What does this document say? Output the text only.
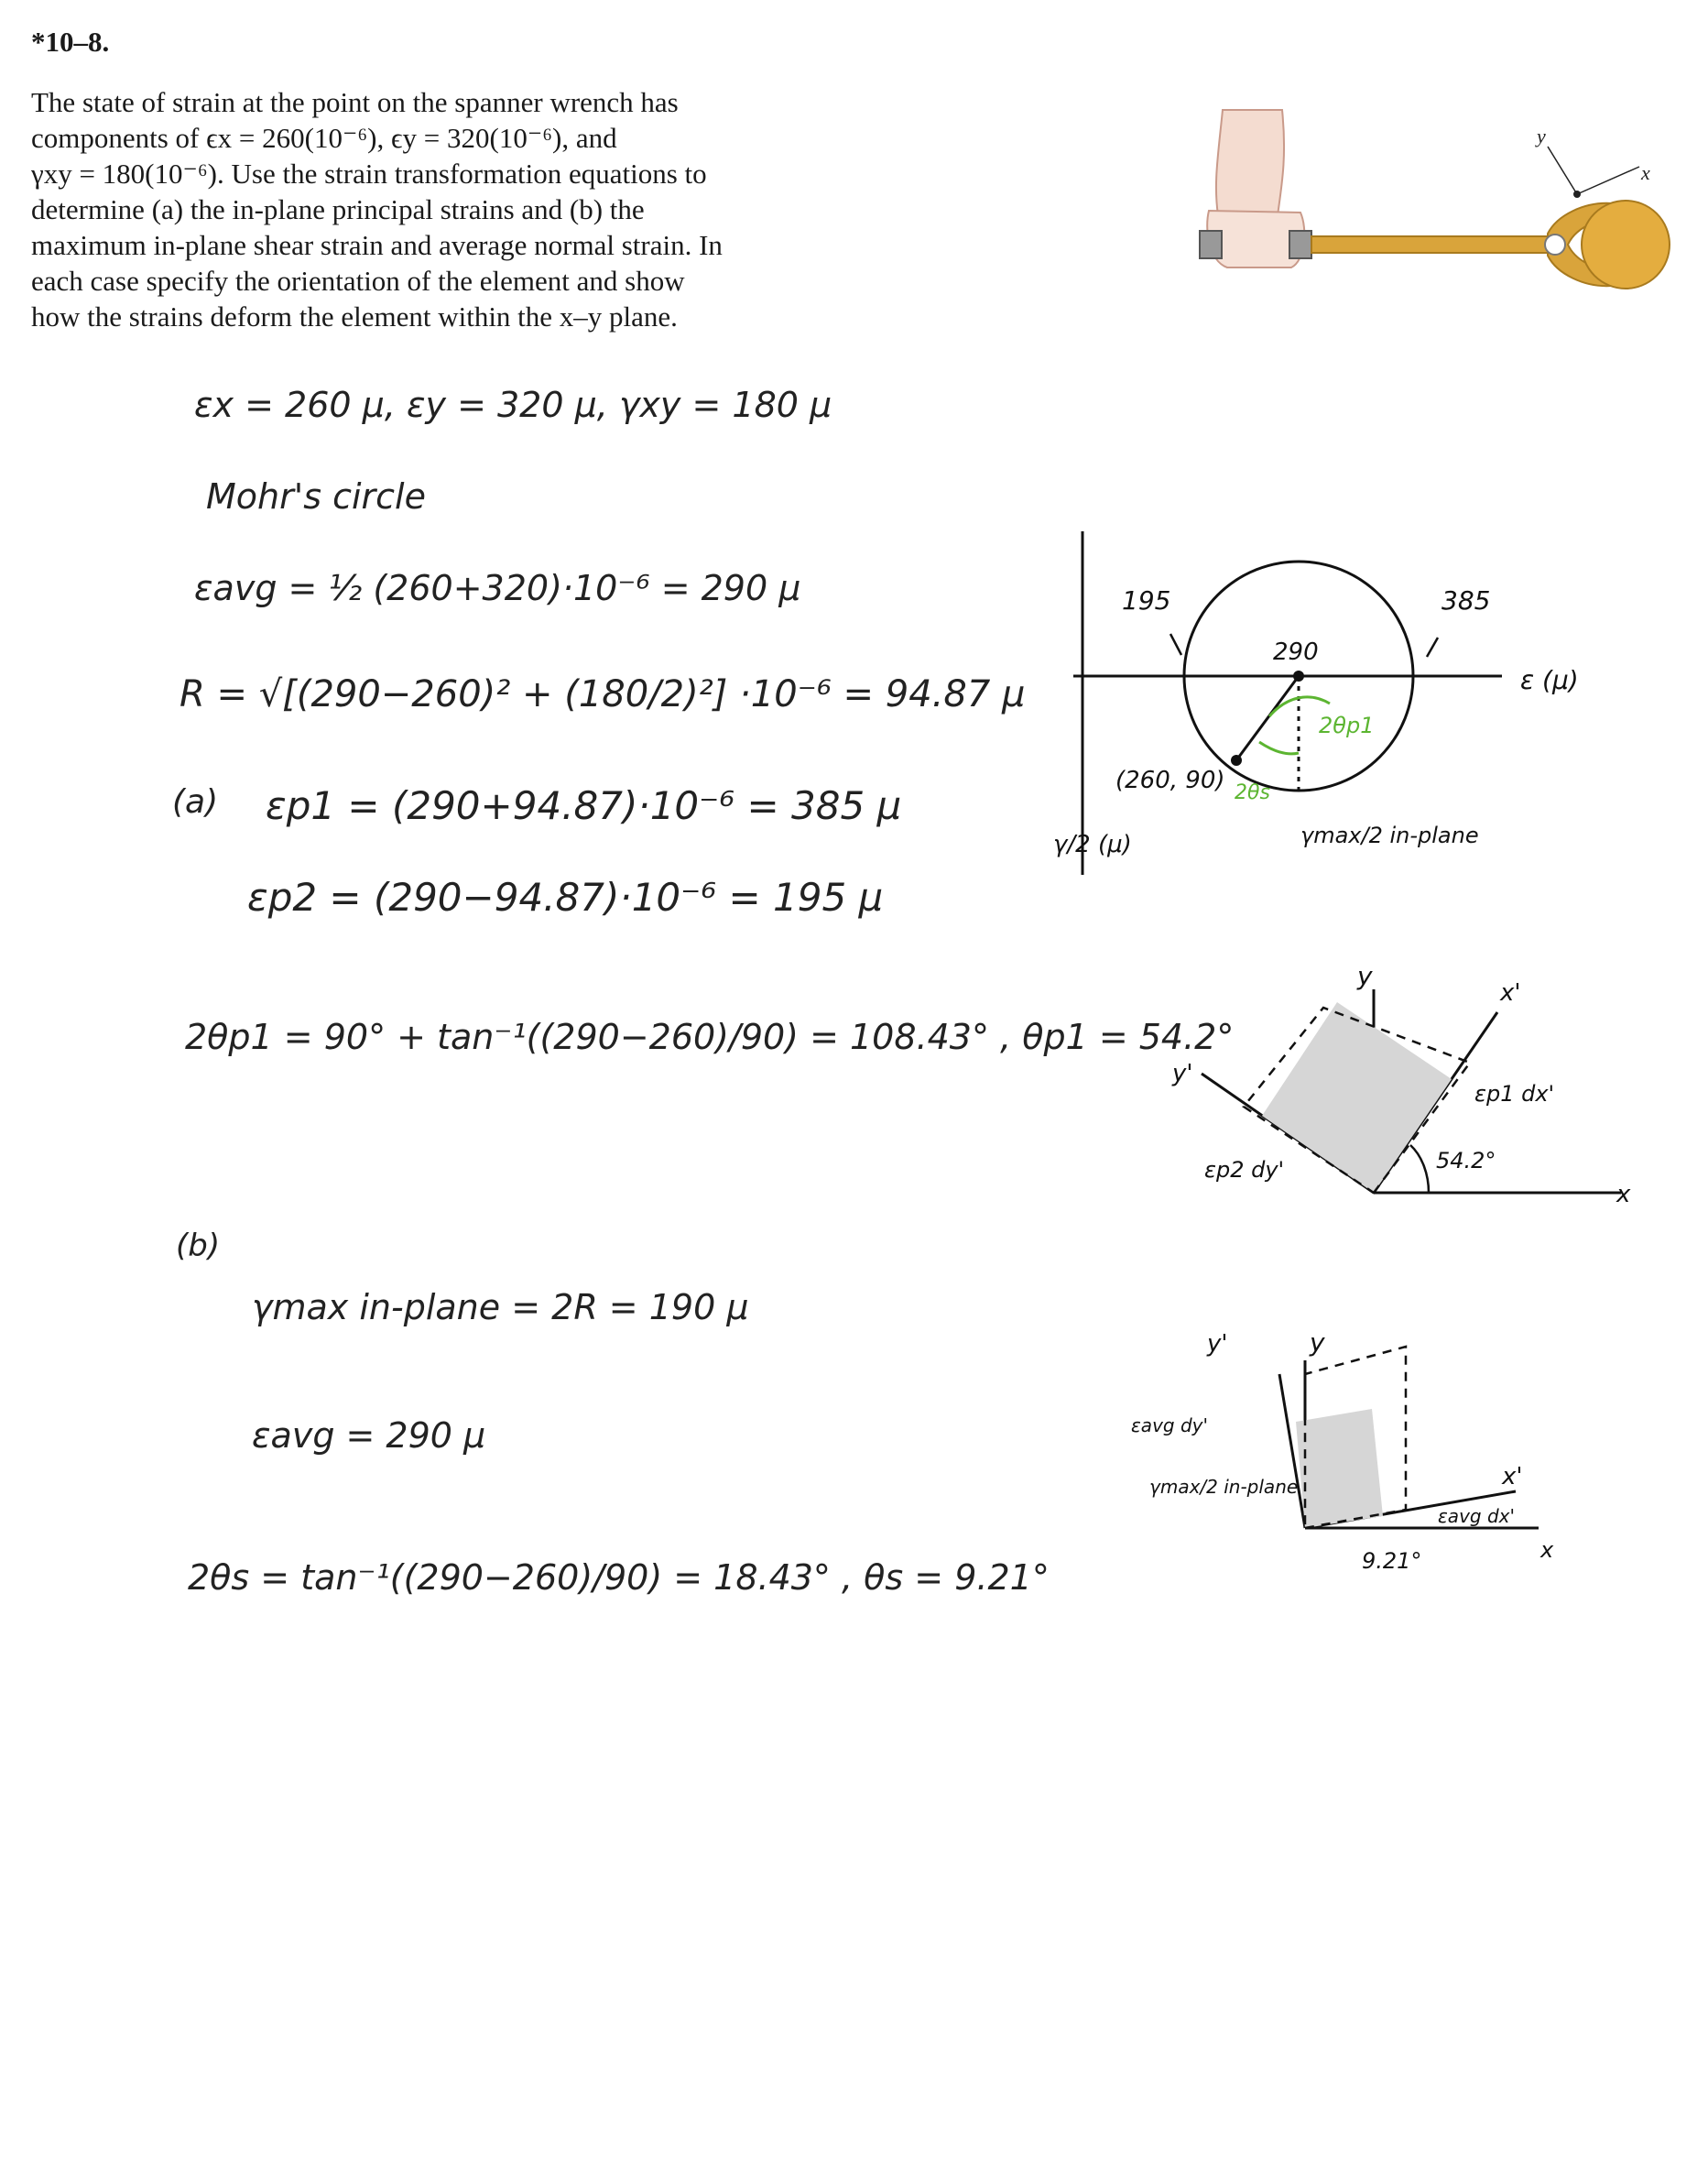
*10–8.
The state of strain at the point on the spanner wrench has
components of ϵx = 260(10⁻⁶), ϵy = 320(10⁻⁶), and
γxy = 180(10⁻⁶). Use the strain transformation equations to
determine (a) the in-plane principal strains and (b) the
maximum in-plane shear strain and average normal strain. In
each case specify the orientation of the element and show
how the strains deform the element within the x–y plane.
y
x
εx = 260 μ, εy = 320 μ, γxy = 180 μ
Mohr's circle
εavg = ½ (260+320)·10⁻⁶ = 290 μ
R = √[(290−260)² + (180/2)²] ·10⁻⁶ = 94.87 μ
(a) εp1 = (290+94.87)·10⁻⁶ = 385 μ
εp2 = (290−94.87)·10⁻⁶ = 195 μ
2θp1 = 90° + tan⁻¹((290−260)/90) = 108.43° , θp1 = 54.2°
(b)
γmax in-plane = 2R = 190 μ
εavg = 290 μ
2θs = tan⁻¹((290−260)/90) = 18.43° , θs = 9.21°
195	385
290
(260, 90)
ε (μ)
γ/2 (μ)
2θp1
2θs
γmax/2 in-plane
y
x
x'
y'
εp1 dx'
εp2 dy'	54.2°
y
x
x'
y'
εavg dy'
εavg dx'
γmax/2 in-plane
9.21°
